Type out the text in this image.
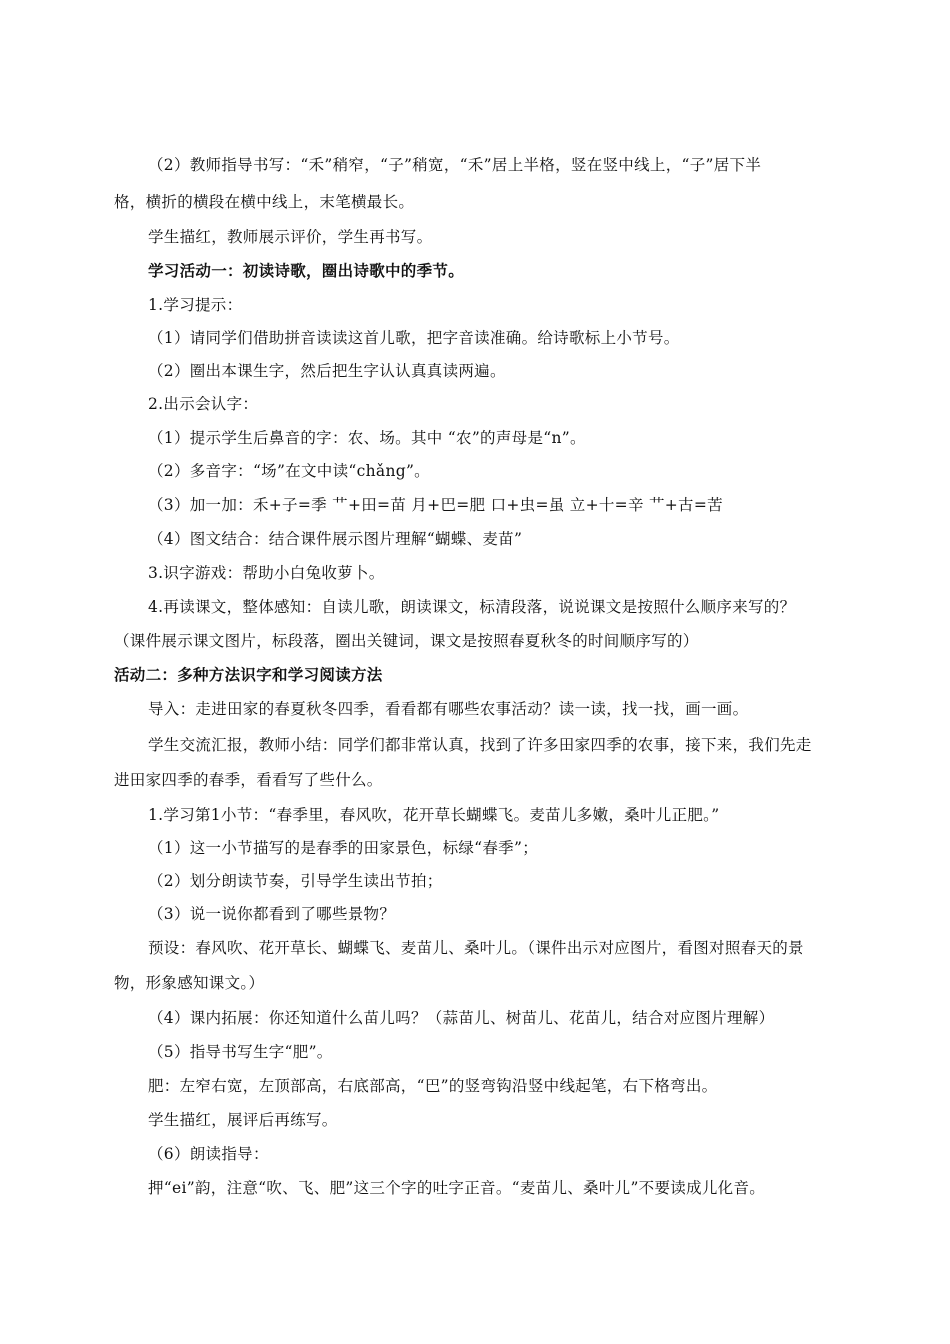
（2）教师指导书写：“禾”稍窄，“子”稍宽，“禾”居上半格，竖在竖中线上，“子”居下半
格，横折的横段在横中线上，末笔横最长。
学生描红，教师展示评价，学生再书写。
学习活动一：初读诗歌，圈出诗歌中的季节。
1.学习提示：
（1）请同学们借助拼音读读这首儿歌，把字音读准确。给诗歌标上小节号。
（2）圈出本课生字，然后把生字认认真真读两遍。
2.出示会认字：
（1）提示学生后鼻音的字：农、场。其中 “农”的声母是“n”。
（2）多音字：“场”在文中读“chǎng”。
（3）加一加：禾+子=季 艹+田=苗 月+巴=肥 口+虫=虽 立+十=辛 艹+古=苦
（4）图文结合：结合课件展示图片理解“蝴蝶、麦苗”
3.识字游戏：帮助小白兔收萝卜。
4.再读课文，整体感知：自读儿歌，朗读课文，标清段落，说说课文是按照什么顺序来写的？
（课件展示课文图片，标段落，圈出关键词，课文是按照春夏秋冬的时间顺序写的）
活动二：多种方法识字和学习阅读方法
导入：走进田家的春夏秋冬四季，看看都有哪些农事活动？读一读，找一找，画一画。
学生交流汇报，教师小结：同学们都非常认真，找到了许多田家四季的农事，接下来，我们先走
进田家四季的春季，看看写了些什么。
1.学习第1小节：“春季里，春风吹，花开草长蝴蝶飞。麦苗儿多嫩，桑叶儿正肥。”
（1）这一小节描写的是春季的田家景色，标绿“春季”；
（2）划分朗读节奏，引导学生读出节拍；
（3）说一说你都看到了哪些景物？
预设：春风吹、花开草长、蝴蝶飞、麦苗儿、桑叶儿。（课件出示对应图片，看图对照春天的景
物，形象感知课文。）
（4）课内拓展：你还知道什么苗儿吗？（蒜苗儿、树苗儿、花苗儿，结合对应图片理解）
（5）指导书写生字“肥”。
肥：左窄右宽，左顶部高，右底部高，“巴”的竖弯钩沿竖中线起笔，右下格弯出。
学生描红，展评后再练写。
（6）朗读指导：
押“ei”韵，注意“吹、飞、肥”这三个字的吐字正音。“麦苗儿、桑叶儿”不要读成儿化音。
